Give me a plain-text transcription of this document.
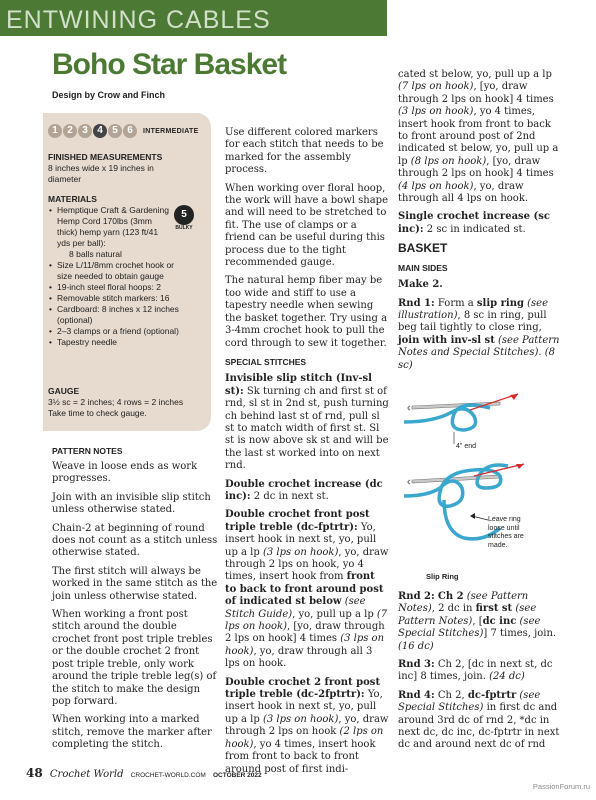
ENTWINING CABLES
Boho Star Basket
Design by Crow and Finch
1 2 3 4 5 6	INTERMEDIATE
FINISHED MEASUREMENTS
8 inches wide x 19 inches in diameter
MATERIALS
• Hemptique Craft & Gardening Hemp Cord 170lbs (3mm thick) hemp yarn (123 ft/41 yds per ball):
8 balls natural
• Size L/11/8mm crochet hook or size needed to obtain gauge
• 19-inch steel floral hoops: 2
• Removable stitch markers: 16
• Cardboard: 8 inches x 12 inches (optional)
• 2–3 clamps or a friend (optional)
• Tapestry needle
5
BULKY
GAUGE
3½ sc = 2 inches; 4 rows = 2 inches
Take time to check gauge.
PATTERN NOTES

Weave in loose ends as work progresses.

Join with an invisible slip stitch unless otherwise stated.

Chain-2 at beginning of round does not count as a stitch unless otherwise stated.

The first stitch will always be worked in the same stitch as the join unless otherwise stated.

When working a front post stitch around the double crochet front post triple trebles or the double crochet 2 front post triple treble, only work around the triple treble leg(s) of the stitch to make the design pop forward.

When working into a marked stitch, remove the marker after completing the stitch.

Use different colored markers for each stitch that needs to be marked for the assembly process.

When working over floral hoop, the work will have a bowl shape and will need to be stretched to fit. The use of clamps or a friend can be useful during this process due to the tight recommended gauge.

The natural hemp fiber may be too wide and stiff to use a tapestry needle when sewing the basket together. Try using a 3-4mm crochet hook to pull the cord through to sew it together.

SPECIAL STITCHES

Invisible slip stitch (Inv-sl st): Sk turning ch and first st of rnd, sl st in 2nd st, push turning ch behind last st of rnd, pull sl st to match width of first st. Sl st is now above sk st and will be the last st worked into on next rnd.

Double crochet increase (dc inc): 2 dc in next st.

Double crochet front post triple treble (dc-fptrtr): Yo, insert hook in next st, yo, pull up a lp (3 lps on hook), yo, draw through 2 lps on hook, yo 4 times, insert hook from front to back to front around post of indicated st below (see Stitch Guide), yo, pull up a lp (7 lps on hook), [yo, draw through 2 lps on hook] 4 times (3 lps on hook), yo, draw through all 3 lps on hook.

Double crochet 2 front post triple treble (dc-2fptrtr): Yo, insert hook in next st, yo, pull up a lp (3 lps on hook), yo, draw through 2 lps on hook (2 lps on hook), yo 4 times, insert hook from front to back to front around post of first indi-

cated st below, yo, pull up a lp (7 lps on hook), [yo, draw through 2 lps on hook] 4 times (3 lps on hook), yo 4 times, insert hook from front to back to front around post of 2nd indicated st below, yo, pull up a lp (8 lps on hook), [yo, draw through 2 lps on hook] 4 times (4 lps on hook), yo, draw through all 4 lps on hook.

Single crochet increase (sc inc): 2 sc in indicated st.

BASKET
MAIN SIDES

Make 2.

Rnd 1: Form a slip ring (see illustration), 8 sc in ring, pull beg tail tightly to close ring, join with inv-sl st (see Pattern Notes and Special Stitches). (8 sc)

4" end
Leave ring loose until stitches are made.
Slip Ring

Rnd 2: Ch 2 (see Pattern Notes), 2 dc in first st (see Pattern Notes), [dc inc (see Special Stitches)] 7 times, join. (16 dc)

Rnd 3: Ch 2, [dc in next st, dc inc] 8 times, join. (24 dc)

Rnd 4: Ch 2, dc-fptrtr (see Special Stitches) in first dc and around 3rd dc of rnd 2, *dc in next dc, dc inc, dc-fptrtr in next dc and around next dc of rnd

48 Crochet World CROCHET-WORLD.COM OCTOBER 2022
PassionForum.ru
